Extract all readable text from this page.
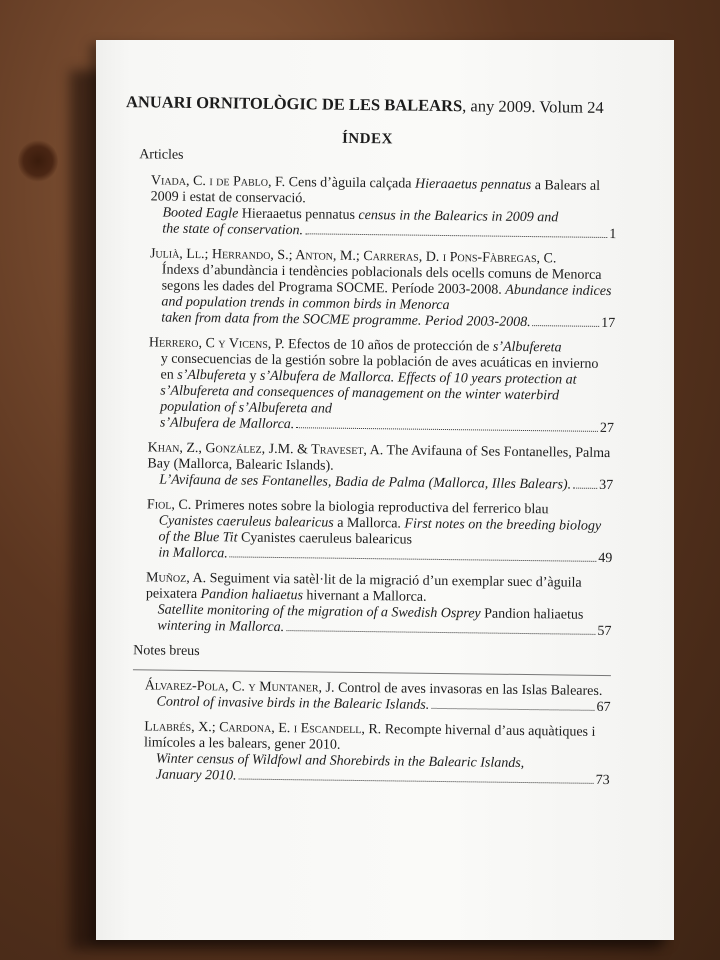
ANUARI ORNITOLÒGIC DE LES BALEARS, any 2009. Volum 24
ÍNDEX
Articles
Viada, C. i de Pablo, F. Cens d’àguila calçada Hieraaetus pennatus a Balears al 2009 i estat de conservació.
Booted Eagle Hieraaetus pennatus census in the Balearics in 2009 and
the state of conservation.	1
Julià, Ll.; Herrando, S.; Anton, M.; Carreras, D. i Pons-Fàbregas, C.
Índexs d’abundància i tendències poblacionals dels ocells comuns de Menorca segons les dades del Programa SOCME. Període 2003-2008. Abundance indices and population trends in common birds in Menorca
taken from data from the SOCME programme. Period 2003-2008.	17
Herrero, C y Vicens, P. Efectos de 10 años de protección de s’Albufereta
y consecuencias de la gestión sobre la población de aves acuáticas en invierno en s’Albufereta y s’Albufera de Mallorca. Effects of 10 years protection at s’Albufereta and consequences of management on the winter waterbird population of s’Albufereta and
s’Albufera de Mallorca.	27
Khan, Z., González, J.M. & Traveset, A. The Avifauna of Ses Fontanelles, Palma Bay (Mallorca, Balearic Islands).
L’Avifauna de ses Fontanelles, Badia de Palma (Mallorca, Illes Balears). 37
Fiol, C. Primeres notes sobre la biologia reproductiva del ferrerico blau
Cyanistes caeruleus balearicus a Mallorca. First notes on the breeding biology of the Blue Tit Cyanistes caeruleus balearicus
in Mallorca.	49
Muñoz, A. Seguiment via satèl·lit de la migració d’un exemplar suec d’àguila peixatera Pandion haliaetus hivernant a Mallorca.
Satellite monitoring of the migration of a Swedish Osprey Pandion haliaetus
wintering in Mallorca.	57
Notes breus
Álvarez-Pola, C. y Muntaner, J. Control de aves invasoras en las Islas Baleares.
Control of invasive birds in the Balearic Islands.	67
Llabrés, X.; Cardona, E. i Escandell, R. Recompte hivernal d’aus aquàtiques i limícoles a les balears, gener 2010.
Winter census of Wildfowl and Shorebirds in the Balearic Islands,
January 2010.	73
